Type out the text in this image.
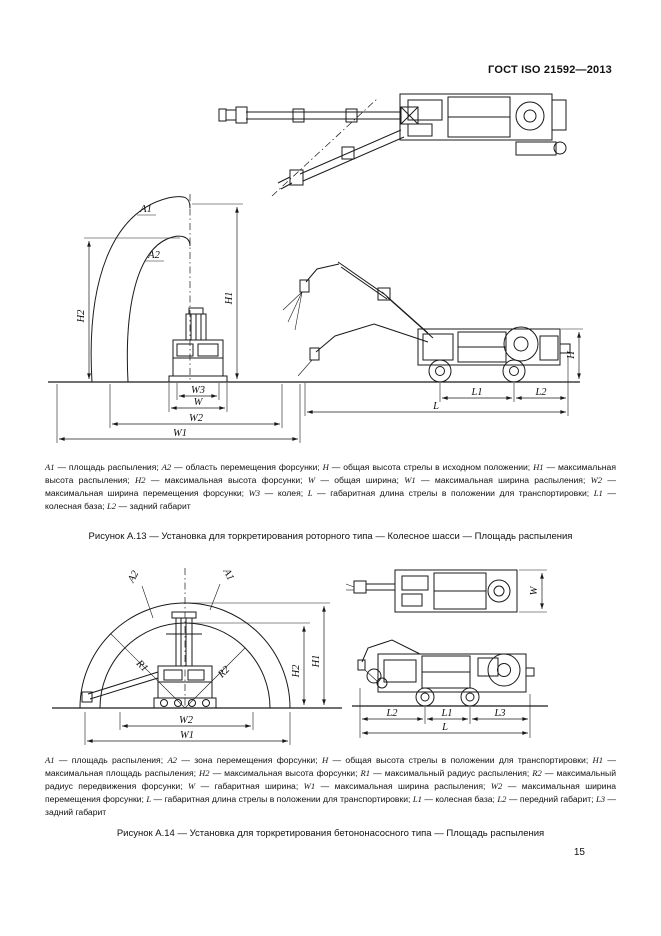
ГОСТ ISO 21592—2013
A1
A2
H1
H2
W3
W
W2
W1
L1	L2
L
H

A1 — площадь распыления; A2 — область перемещения форсунки; H — общая высота стрелы в исходном положении; H1 — максимальная высота распыления; H2 — максимальная высота форсунки; W — общая ширина; W1 — максимальная ширина распыления; W2 — максимальная ширина перемещения форсунки; W3 — колея; L — габаритная длина стрелы в положении для транспортировки; L1 — колесная база; L2 — задний габарит

Рисунок А.13 — Установка для торкретирования роторного типа — Колесное шасси — Площадь распыления

A1
A2
R1	R2
W2
W1
H2
H1
W
L2	L1	L3
L

A1 — площадь распыления; A2 — зона перемещения форсунки; H — общая высота стрелы в положении для транспортировки; H1 — максимальная площадь распыления; H2 — максимальная высота форсунки; R1 — максимальный радиус распыления; R2 — максимальный радиус передвижения форсунки; W — габаритная ширина; W1 — максимальная ширина распыления; W2 — максимальная ширина перемещения форсунки; L — габаритная длина стрелы в положении для транспортировки; L1 — колесная база; L2 — передний габарит; L3 — задний габарит

Рисунок А.14 — Установка для торкретирования бетононасосного типа — Площадь распыления

15
